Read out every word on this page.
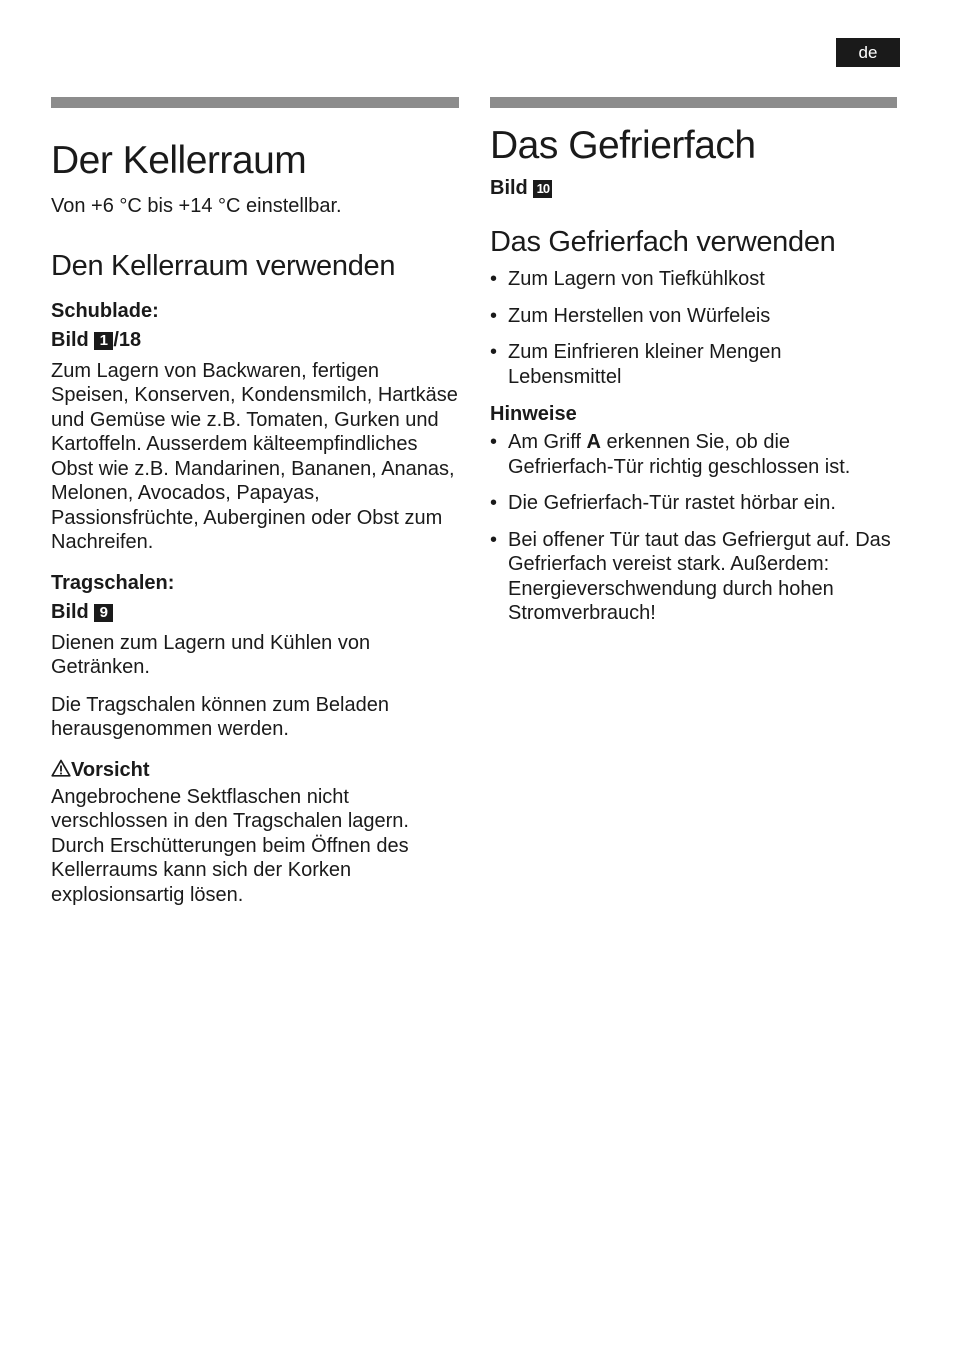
de
Der Kellerraum

Von +6 °C bis +14 °C einstellbar.

Den Kellerraum verwenden
Schublade:
Bild 1 /18

Zum Lagern von Backwaren, fertigen Speisen, Konserven, Kondensmilch, Hartkäse und Gemüse wie z.B. Tomaten, Gurken und Kartoffeln. Ausserdem kälteempfindliches Obst wie z.B. Mandarinen, Bananen, Ananas, Melonen, Avocados, Papayas, Passionsfrüchte, Auberginen oder Obst zum Nachreifen.

Tragschalen:
Bild 9

Dienen zum Lagern und Kühlen von Getränken.

Die Tragschalen können zum Beladen herausgenommen werden.

Vorsicht

Angebrochene Sektflaschen nicht verschlossen in den Tragschalen lagern. Durch Erschütterungen beim Öffnen des Kellerraums kann sich der Korken explosionsartig lösen.

Das Gefrierfach
Bild 10
Das Gefrierfach verwenden
• Zum Lagern von Tiefkühlkost
• Zum Herstellen von Würfeleis
• Zum Einfrieren kleiner Mengen Lebensmittel
Hinweise
• Am Griff A erkennen Sie, ob die Gefrierfach-Tür richtig geschlossen ist.
• Die Gefrierfach-Tür rastet hörbar ein.
• Bei offener Tür taut das Gefriergut auf. Das Gefrierfach vereist stark. Außerdem: Energieverschwendung durch hohen Stromverbrauch!
